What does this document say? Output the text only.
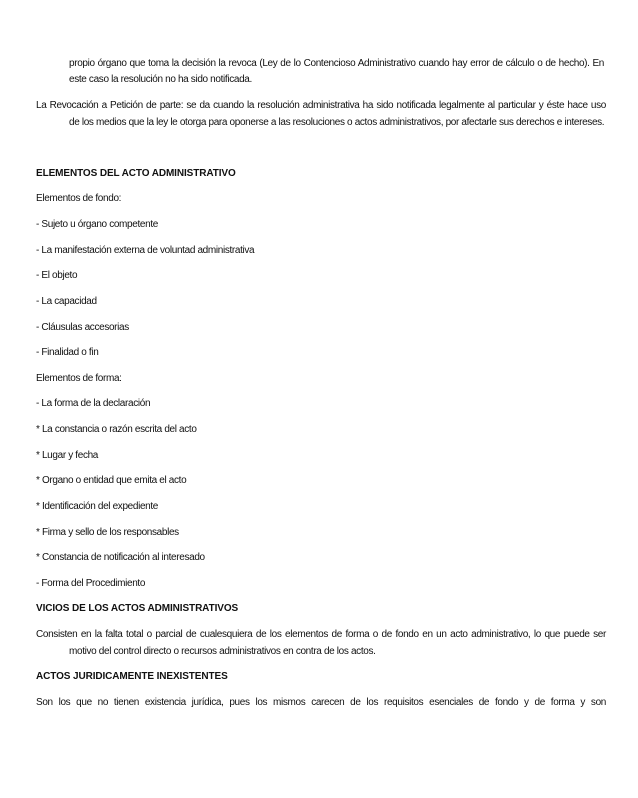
propio órgano que toma la decisión la revoca (Ley de lo Contencioso Administrativo cuando hay error de cálculo o de hecho). En
este caso la resolución no ha sido notificada.
La Revocación a Petición de parte: se da cuando la resolución administrativa ha sido notificada legalmente al particular y éste hace uso
de los medios que la ley le otorga para oponerse a las resoluciones o actos administrativos, por afectarle sus derechos e intereses.
ELEMENTOS DEL ACTO ADMINISTRATIVO
Elementos de fondo:
- Sujeto u órgano competente
- La manifestación externa de voluntad administrativa
- El objeto
- La capacidad
- Cláusulas accesorias
- Finalidad o fin
Elementos de forma:
- La forma de la declaración
* La constancia o razón escrita del acto
* Lugar y fecha
* Organo o entidad que emita el acto
* Identificación del expediente
* Firma y sello de los responsables
* Constancia de notificación al interesado
- Forma del Procedimiento
VICIOS DE LOS ACTOS ADMINISTRATIVOS
Consisten en la falta total o parcial de cualesquiera de los elementos de forma o de fondo en un acto administrativo, lo que puede ser
motivo del control directo o recursos administrativos en contra de los actos.
ACTOS JURIDICAMENTE INEXISTENTES
Son los que no tienen existencia jurídica, pues los mismos carecen de los requisitos esenciales de fondo y de forma y son
